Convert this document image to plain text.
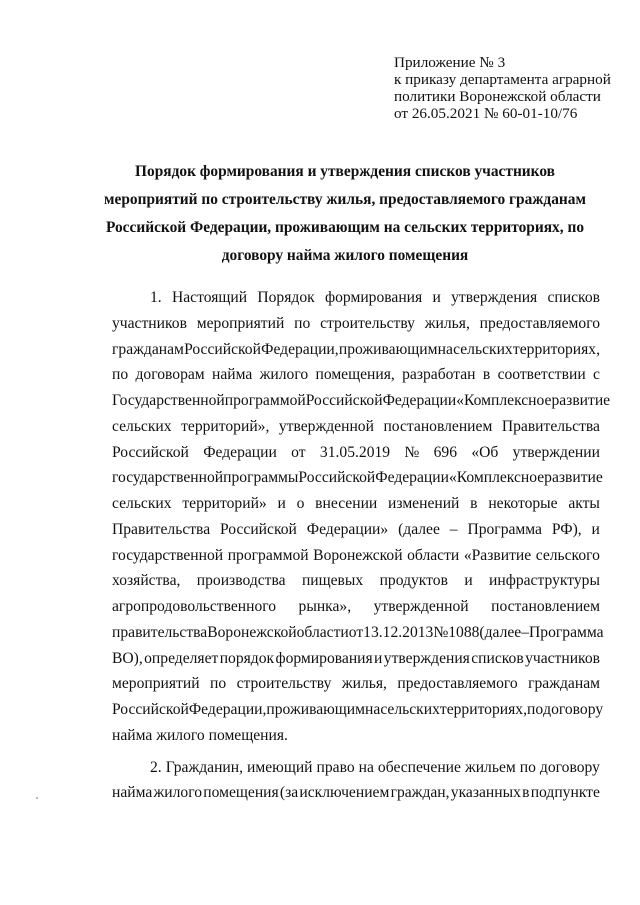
Приложение № 3
к приказу департамента аграрной
политики Воронежской области
от 26.05.2021 № 60-01-10/76
Порядок формирования и утверждения списков участников
мероприятий по строительству жилья, предоставляемого гражданам
Российской Федерации, проживающим на сельских территориях, по
договору найма жилого помещения
1. Настоящий Порядок формирования и утверждения списков
участников мероприятий по строительству жилья, предоставляемого
гражданам Российской Федерации, проживающим на сельских территориях,
по договорам найма жилого помещения, разработан в соответствии с
Государственной программой Российской Федерации «Комплексное развитие
сельских территорий», утвержденной постановлением Правительства
Российской Федерации от 31.05.2019 № 696 «Об утверждении
государственной программы Российской Федерации «Комплексное развитие
сельских территорий» и о внесении изменений в некоторые акты
Правительства Российской Федерации» (далее – Программа РФ), и
государственной программой Воронежской области «Развитие сельского
хозяйства, производства пищевых продуктов и инфраструктуры
агропродовольственного рынка», утвержденной постановлением
правительства Воронежской области от 13.12.2013 № 1088 (далее – Программа
ВО), определяет порядок формирования и утверждения списков участников
мероприятий по строительству жилья, предоставляемого гражданам
Российской Федерации, проживающим на сельских территориях, по договору
найма жилого помещения.
2. Гражданин, имеющий право на обеспечение жильем по договору
найма жилого помещения (за исключением граждан, указанных в подпункте
